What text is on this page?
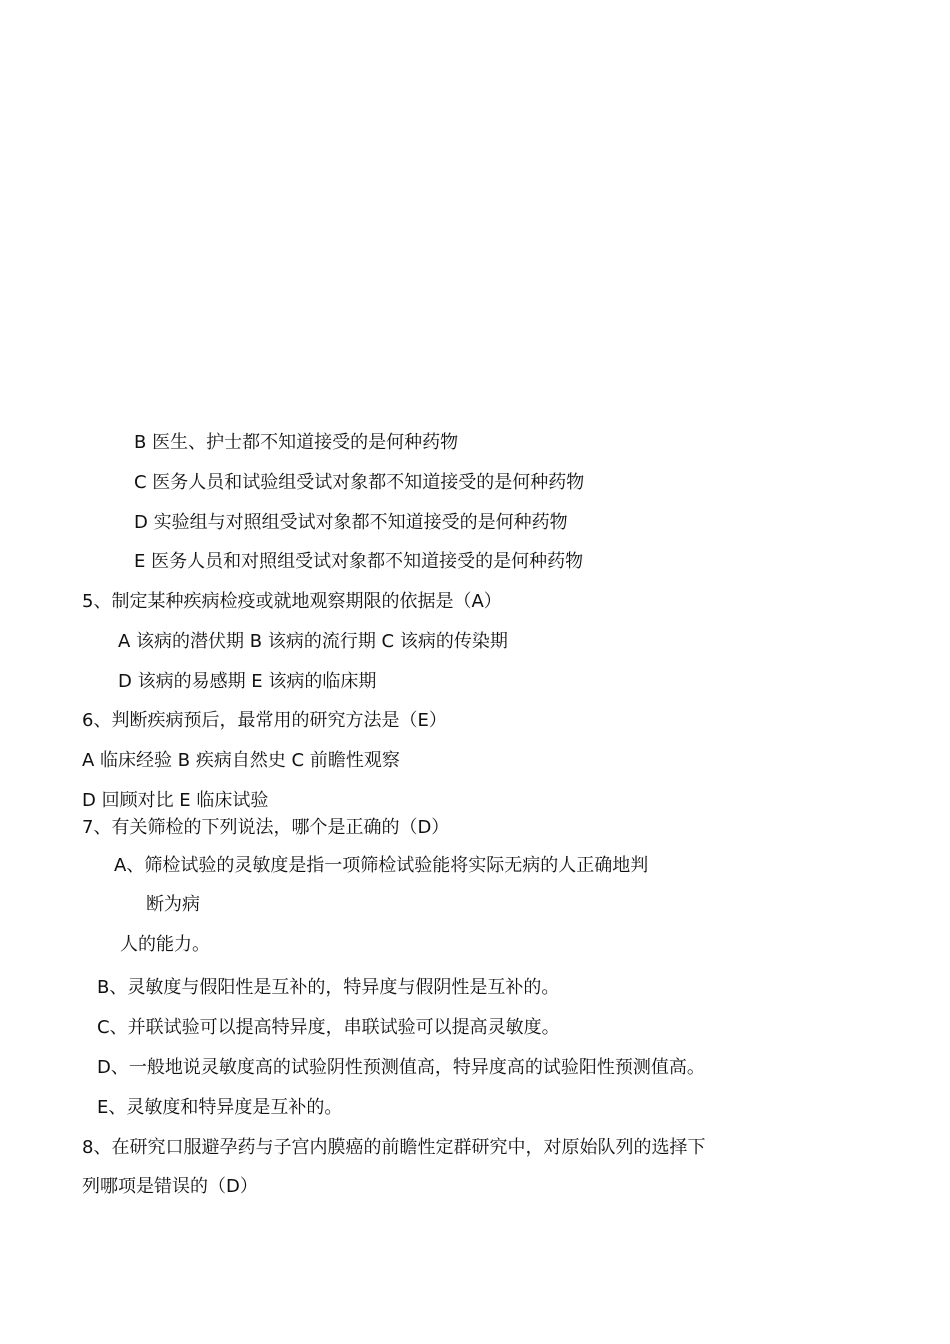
B 医生、护士都不知道接受的是何种药物
C 医务人员和试验组受试对象都不知道接受的是何种药物
D 实验组与对照组受试对象都不知道接受的是何种药物
E 医务人员和对照组受试对象都不知道接受的是何种药物
5、制定某种疾病检疫或就地观察期限的依据是（A）
A 该病的潜伏期 B 该病的流行期 C 该病的传染期
D 该病的易感期 E 该病的临床期
6、判断疾病预后，最常用的研究方法是（E）
A 临床经验 B 疾病自然史 C 前瞻性观察
D 回顾对比 E 临床试验
7、有关筛检的下列说法，哪个是正确的（D）
A、筛检试验的灵敏度是指一项筛检试验能将实际无病的人正确地判
断为病
人的能力。
B、灵敏度与假阳性是互补的，特异度与假阴性是互补的。
C、并联试验可以提高特异度，串联试验可以提高灵敏度。
D、一般地说灵敏度高的试验阴性预测值高，特异度高的试验阳性预测值高。
E、灵敏度和特异度是互补的。
8、在研究口服避孕药与子宫内膜癌的前瞻性定群研究中，对原始队列的选择下
列哪项是错误的（D）
